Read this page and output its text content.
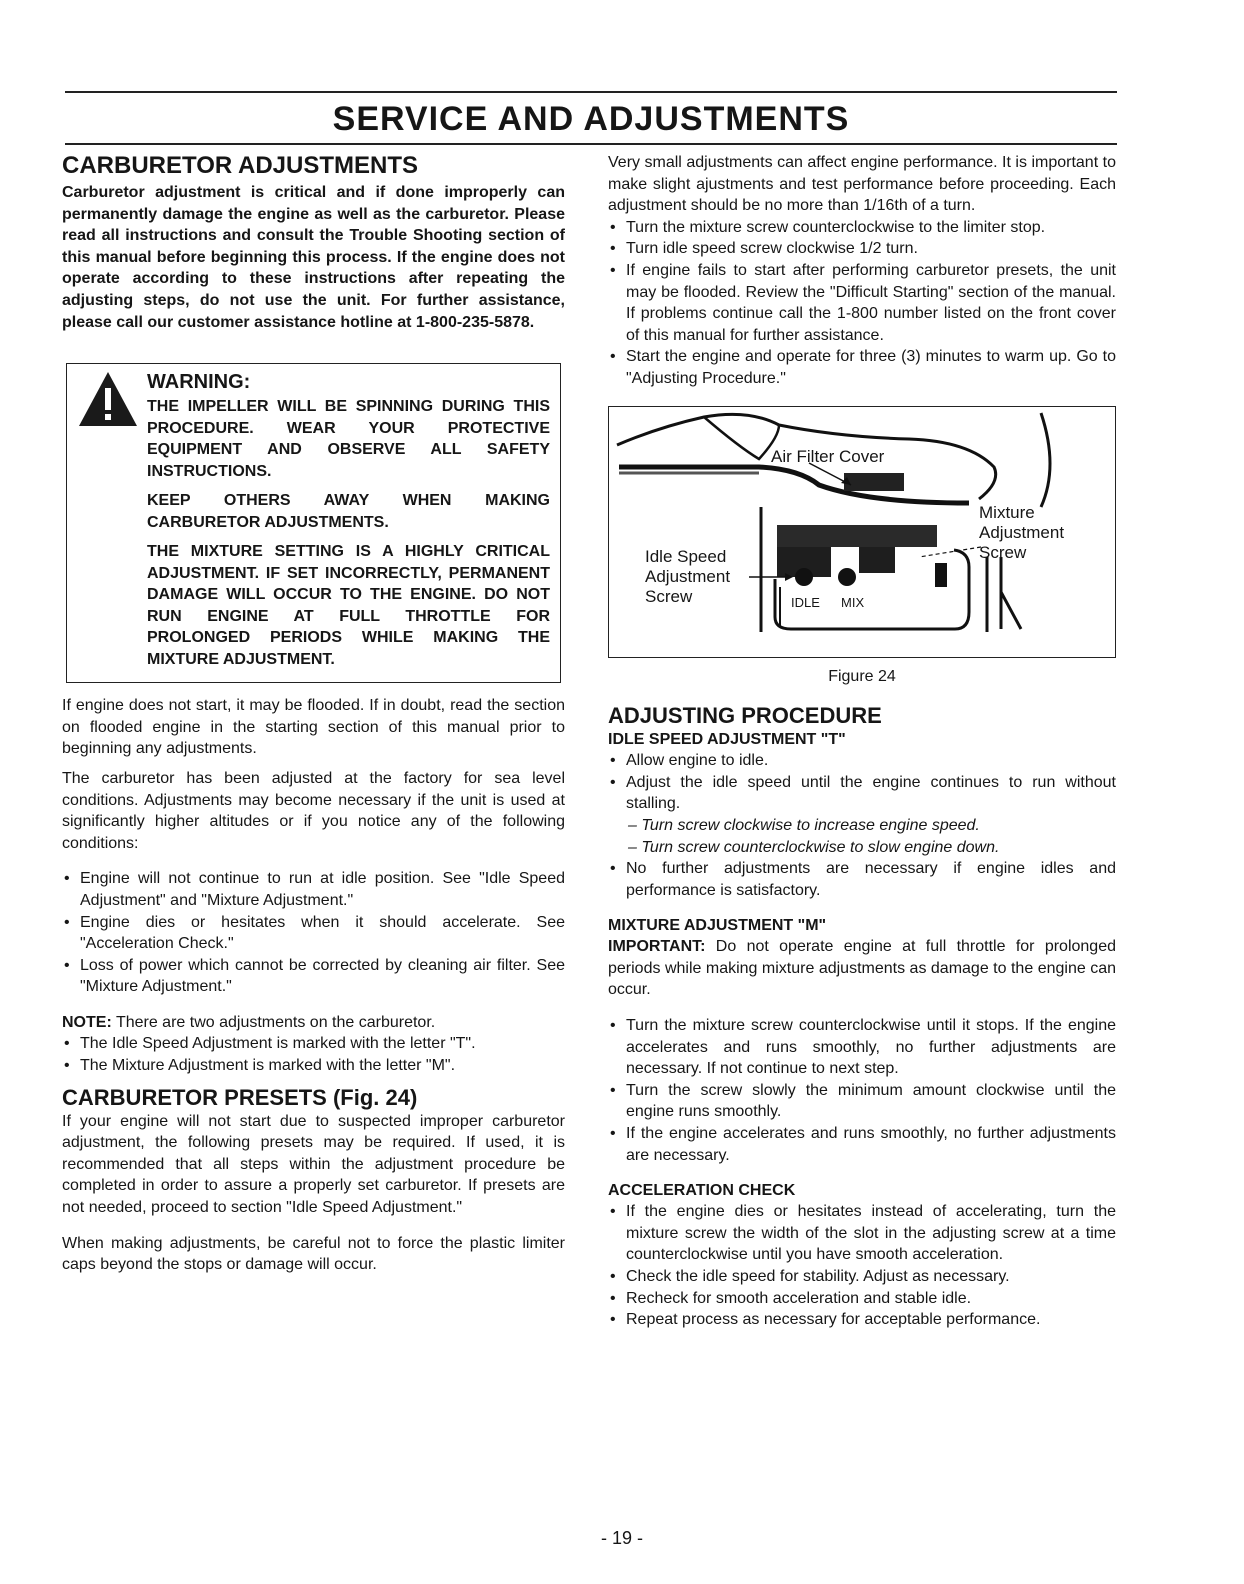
SERVICE AND ADJUSTMENTS
CARBURETOR ADJUSTMENTS

Carburetor adjustment is critical and if done improperly can permanently damage the engine as well as the carburetor. Please read all instructions and consult the Trouble Shooting section of this manual before beginning this process. If the engine does not operate according to these instructions after repeating the adjusting steps, do not use the unit. For further assistance, please call our customer assistance hotline at 1-800-235-5878.

WARNING:

THE IMPELLER WILL BE SPINNING DURING THIS PROCEDURE. WEAR YOUR PROTECTIVE EQUIPMENT AND OBSERVE ALL SAFETY INSTRUCTIONS.

KEEP OTHERS AWAY WHEN MAKING CARBURETOR ADJUSTMENTS.

THE MIXTURE SETTING IS A HIGHLY CRITICAL ADJUSTMENT. IF SET INCORRECTLY, PERMANENT DAMAGE WILL OCCUR TO THE ENGINE. DO NOT RUN ENGINE AT FULL THROTTLE FOR PROLONGED PERIODS WHILE MAKING THE MIXTURE ADJUSTMENT.

If engine does not start, it may be flooded. If in doubt, read the section on flooded engine in the starting section of this manual prior to beginning any adjustments.

The carburetor has been adjusted at the factory for sea level conditions. Adjustments may become necessary if the unit is used at significantly higher altitudes or if you notice any of the following conditions:

• Engine will not continue to run at idle position. See "Idle Speed Adjustment" and "Mixture Adjustment."
• Engine dies or hesitates when it should accelerate. See "Acceleration Check."
• Loss of power which cannot be corrected by cleaning air filter. See "Mixture Adjustment."

NOTE: There are two adjustments on the carburetor.

• The Idle Speed Adjustment is marked with the letter "T".
• The Mixture Adjustment is marked with the letter "M".
CARBURETOR PRESETS (Fig. 24)

If your engine will not start due to suspected improper carburetor adjustment, the following presets may be required. If used, it is recommended that all steps within the adjustment procedure be completed in order to assure a properly set carburetor. If presets are not needed, proceed to section "Idle Speed Adjustment."

When making adjustments, be careful not to force the plastic limiter caps beyond the stops or damage will occur.

Very small adjustments can affect engine performance. It is important to make slight ajustments and test performance before proceeding. Each adjustment should be no more than 1/16th of a turn.

• Turn the mixture screw counterclockwise to the limiter stop.
• Turn idle speed screw clockwise 1/2 turn.
• If engine fails to start after performing carburetor presets, the unit may be flooded. Review the "Difficult Starting" section of the manual. If problems continue call the 1-800 number listed on the front cover of this manual for further assistance.
• Start the engine and operate for three (3) minutes to warm up. Go to "Adjusting Procedure."
Air Filter Cover
Mixture
Adjustment
Screw
Idle Speed
Adjustment
Screw	IDLE MIX
Figure 24
ADJUSTING PROCEDURE
IDLE SPEED ADJUSTMENT "T"
• Allow engine to idle.
• Adjust the idle speed until the engine continues to run without stalling.

– Turn screw clockwise to increase engine speed.

– Turn screw counterclockwise to slow engine down.

• No further adjustments are necessary if engine idles and performance is satisfactory.
MIXTURE ADJUSTMENT "M"

IMPORTANT: Do not operate engine at full throttle for prolonged periods while making mixture adjustments as damage to the engine can occur.

• Turn the mixture screw counterclockwise until it stops. If the engine accelerates and runs smoothly, no further adjustments are necessary. If not continue to next step.
• Turn the screw slowly the minimum amount clockwise until the engine runs smoothly.
• If the engine accelerates and runs smoothly, no further adjustments are necessary.
ACCELERATION CHECK
• If the engine dies or hesitates instead of accelerating, turn the mixture screw the width of the slot in the adjusting screw at a time counterclockwise until you have smooth acceleration.
• Check the idle speed for stability. Adjust as necessary.
• Recheck for smooth acceleration and stable idle.
• Repeat process as necessary for acceptable performance.
- 19 -
